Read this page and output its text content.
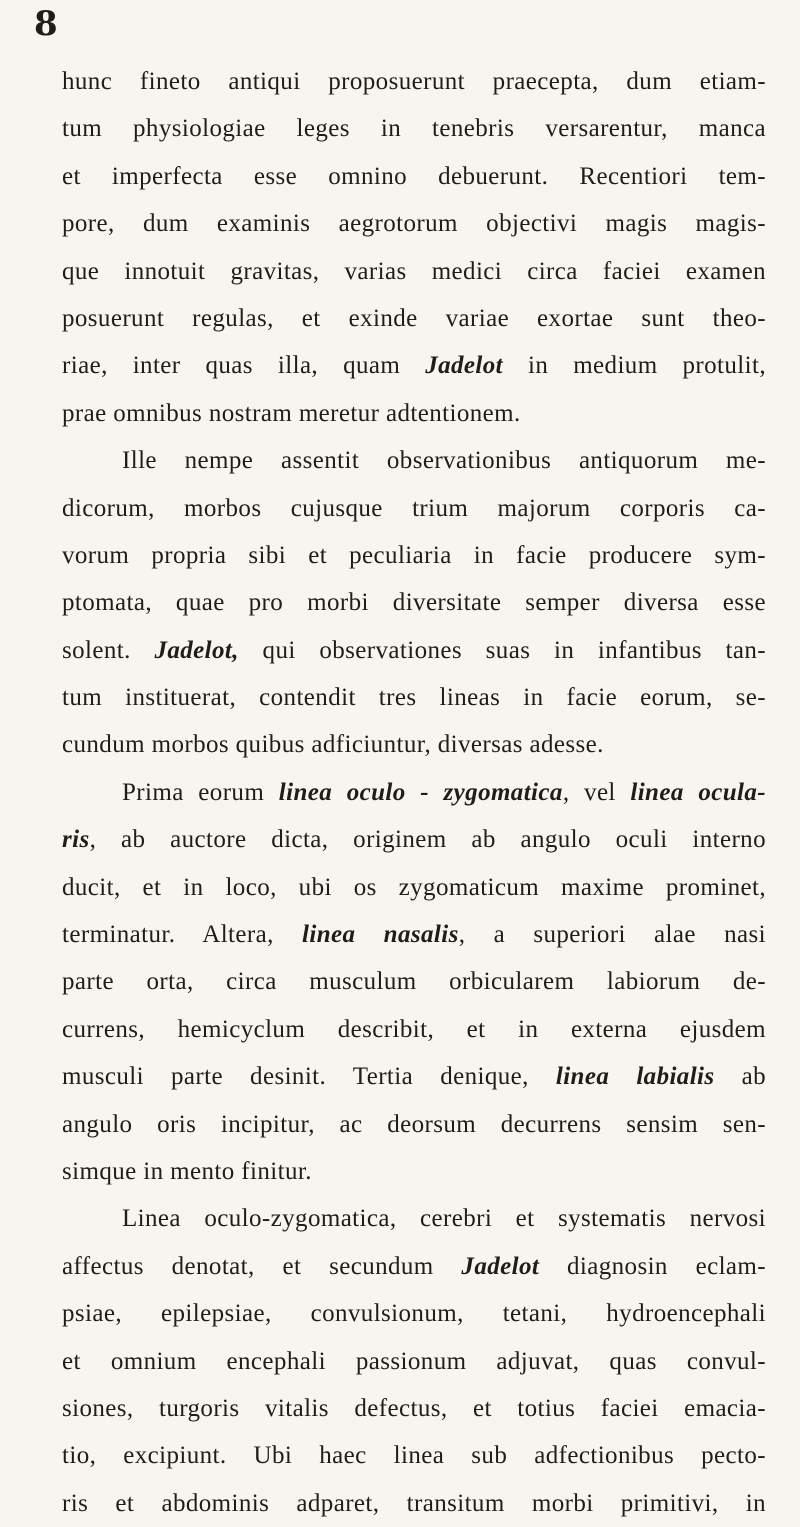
8
hunc fineto antiqui proposuerunt praecepta, dum etiam-
tum physiologiae leges in tenebris versarentur, manca
et imperfecta esse omnino debuerunt. Recentiori tem-
pore, dum examinis aegrotorum objectivi magis magis-
que innotuit gravitas, varias medici circa faciei examen
posuerunt regulas, et exinde variae exortae sunt theo-
riae, inter quas illa, quam Jadelot in medium protulit,
prae omnibus nostram meretur adtentionem.
Ille nempe assentit observationibus antiquorum me-
dicorum, morbos cujusque trium majorum corporis ca-
vorum propria sibi et peculiaria in facie producere sym-
ptomata, quae pro morbi diversitate semper diversa esse
solent. Jadelot, qui observationes suas in infantibus tan-
tum instituerat, contendit tres lineas in facie eorum, se-
cundum morbos quibus adficiuntur, diversas adesse.
Prima eorum linea oculo - zygomatica, vel linea ocula-
ris, ab auctore dicta, originem ab angulo oculi interno
ducit, et in loco, ubi os zygomaticum maxime prominet,
terminatur. Altera, linea nasalis, a superiori alae nasi
parte orta, circa musculum orbicularem labiorum de-
currens, hemicyclum describit, et in externa ejusdem
musculi parte desinit. Tertia denique, linea labialis ab
angulo oris incipitur, ac deorsum decurrens sensim sen-
simque in mento finitur.
Linea oculo-zygomatica, cerebri et systematis nervosi
affectus denotat, et secundum Jadelot diagnosin eclam-
psiae, epilepsiae, convulsionum, tetani, hydroencephali
et omnium encephali passionum adjuvat, quas convul-
siones, turgoris vitalis defectus, et totius faciei emacia-
tio, excipiunt. Ubi haec linea sub adfectionibus pecto-
ris et abdominis adparet, transitum morbi primitivi, in
